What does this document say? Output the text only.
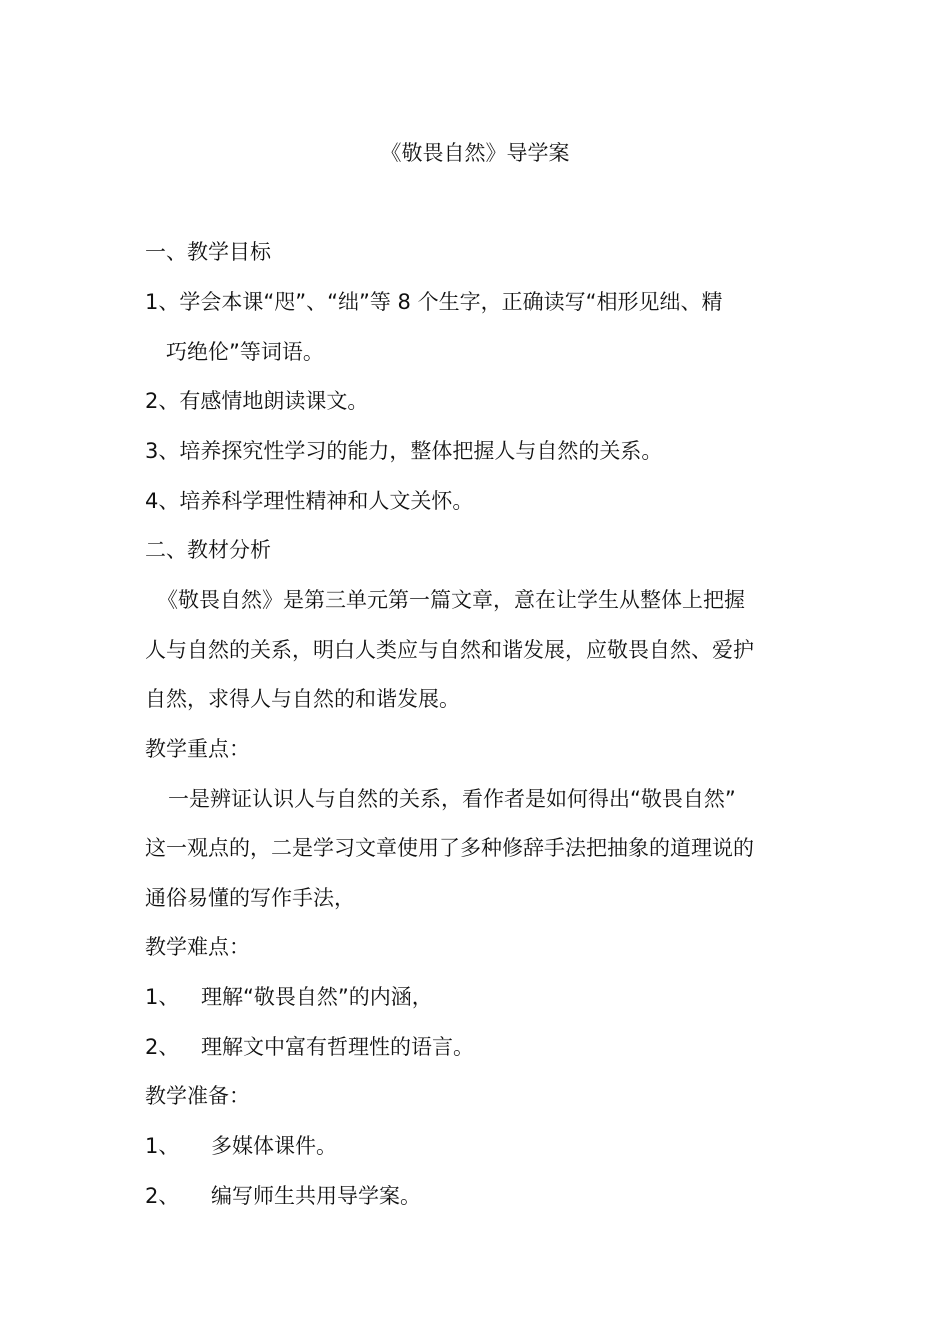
《敬畏自然》导学案
一、教学目标
1、学会本课“咫”、“绌”等 8 个生字，正确读写“相形见绌、精
巧绝伦”等词语。
2、有感情地朗读课文。
3、培养探究性学习的能力，整体把握人与自然的关系。
4、培养科学理性精神和人文关怀。
二、教材分析
《敬畏自然》是第三单元第一篇文章，意在让学生从整体上把握
人与自然的关系，明白人类应与自然和谐发展，应敬畏自然、爱护
自然，求得人与自然的和谐发展。
教学重点：
一是辨证认识人与自然的关系，看作者是如何得出“敬畏自然”
这一观点的，二是学习文章使用了多种修辞手法把抽象的道理说的
通俗易懂的写作手法，
教学难点：
1、 理解“敬畏自然”的内涵，
2、 理解文中富有哲理性的语言。
教学准备：
1、 多媒体课件。
2、 编写师生共用导学案。
